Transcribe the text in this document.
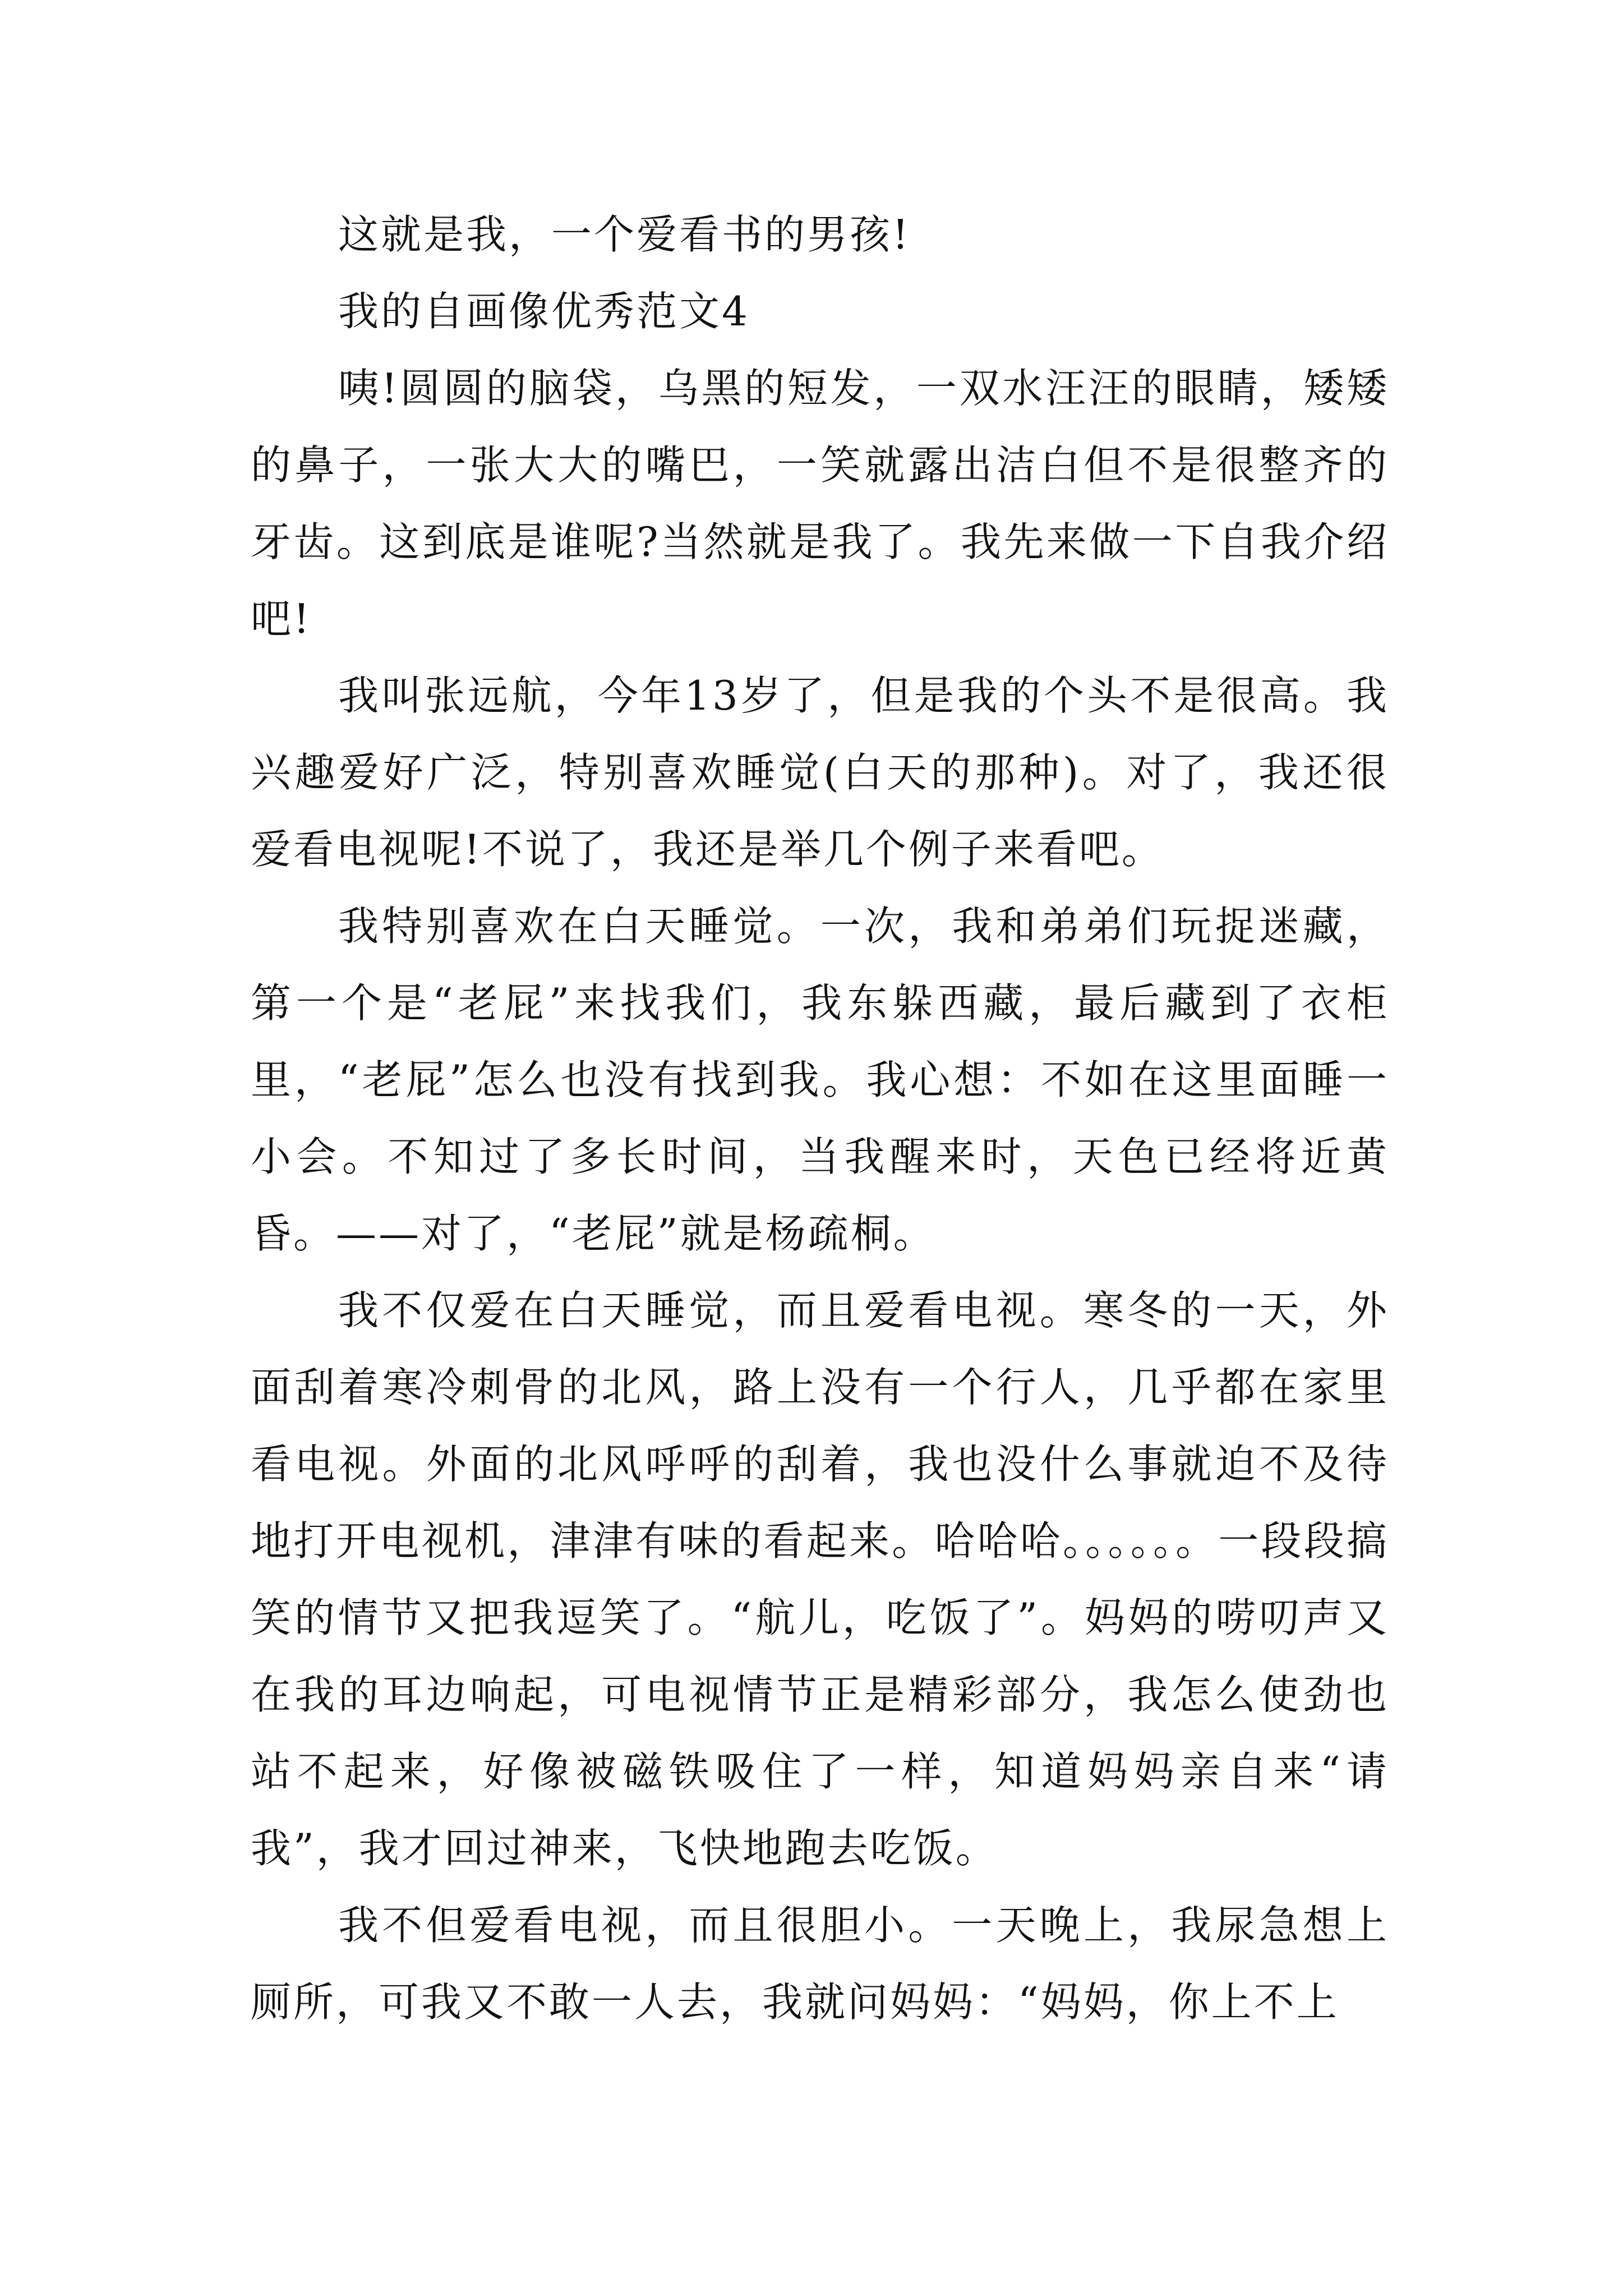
这就是我，一个爱看书的男孩!

我的自画像优秀范文4

咦!圆圆的脑袋，乌黑的短发，一双水汪汪的眼睛，矮矮的鼻子，一张大大的嘴巴，一笑就露出洁白但不是很整齐的牙齿。这到底是谁呢?当然就是我了。我先来做一下自我介绍吧!

我叫张远航，今年13岁了，但是我的个头不是很高。我兴趣爱好广泛，特别喜欢睡觉(白天的那种)。对了，我还很爱看电视呢!不说了，我还是举几个例子来看吧。

我特别喜欢在白天睡觉。一次，我和弟弟们玩捉迷藏，第一个是“老屁”来找我们，我东躲西藏，最后藏到了衣柜里，“老屁”怎么也没有找到我。我心想：不如在这里面睡一小会。不知过了多长时间，当我醒来时，天色已经将近黄昏。——对了，“老屁”就是杨疏桐。

我不仅爱在白天睡觉，而且爱看电视。寒冬的一天，外面刮着寒冷刺骨的北风，路上没有一个行人，几乎都在家里看电视。外面的北风呼呼的刮着，我也没什么事就迫不及待地打开电视机，津津有味的看起来。哈哈哈。。。。。。一段段搞笑的情节又把我逗笑了。“航儿，吃饭了”。妈妈的唠叨声又在我的耳边响起，可电视情节正是精彩部分，我怎么使劲也站不起来，好像被磁铁吸住了一样，知道妈妈亲自来“请我”，我才回过神来，飞快地跑去吃饭。

我不但爱看电视，而且很胆小。一天晚上，我尿急想上厕所，可我又不敢一人去，我就问妈妈：“妈妈，你上不上
